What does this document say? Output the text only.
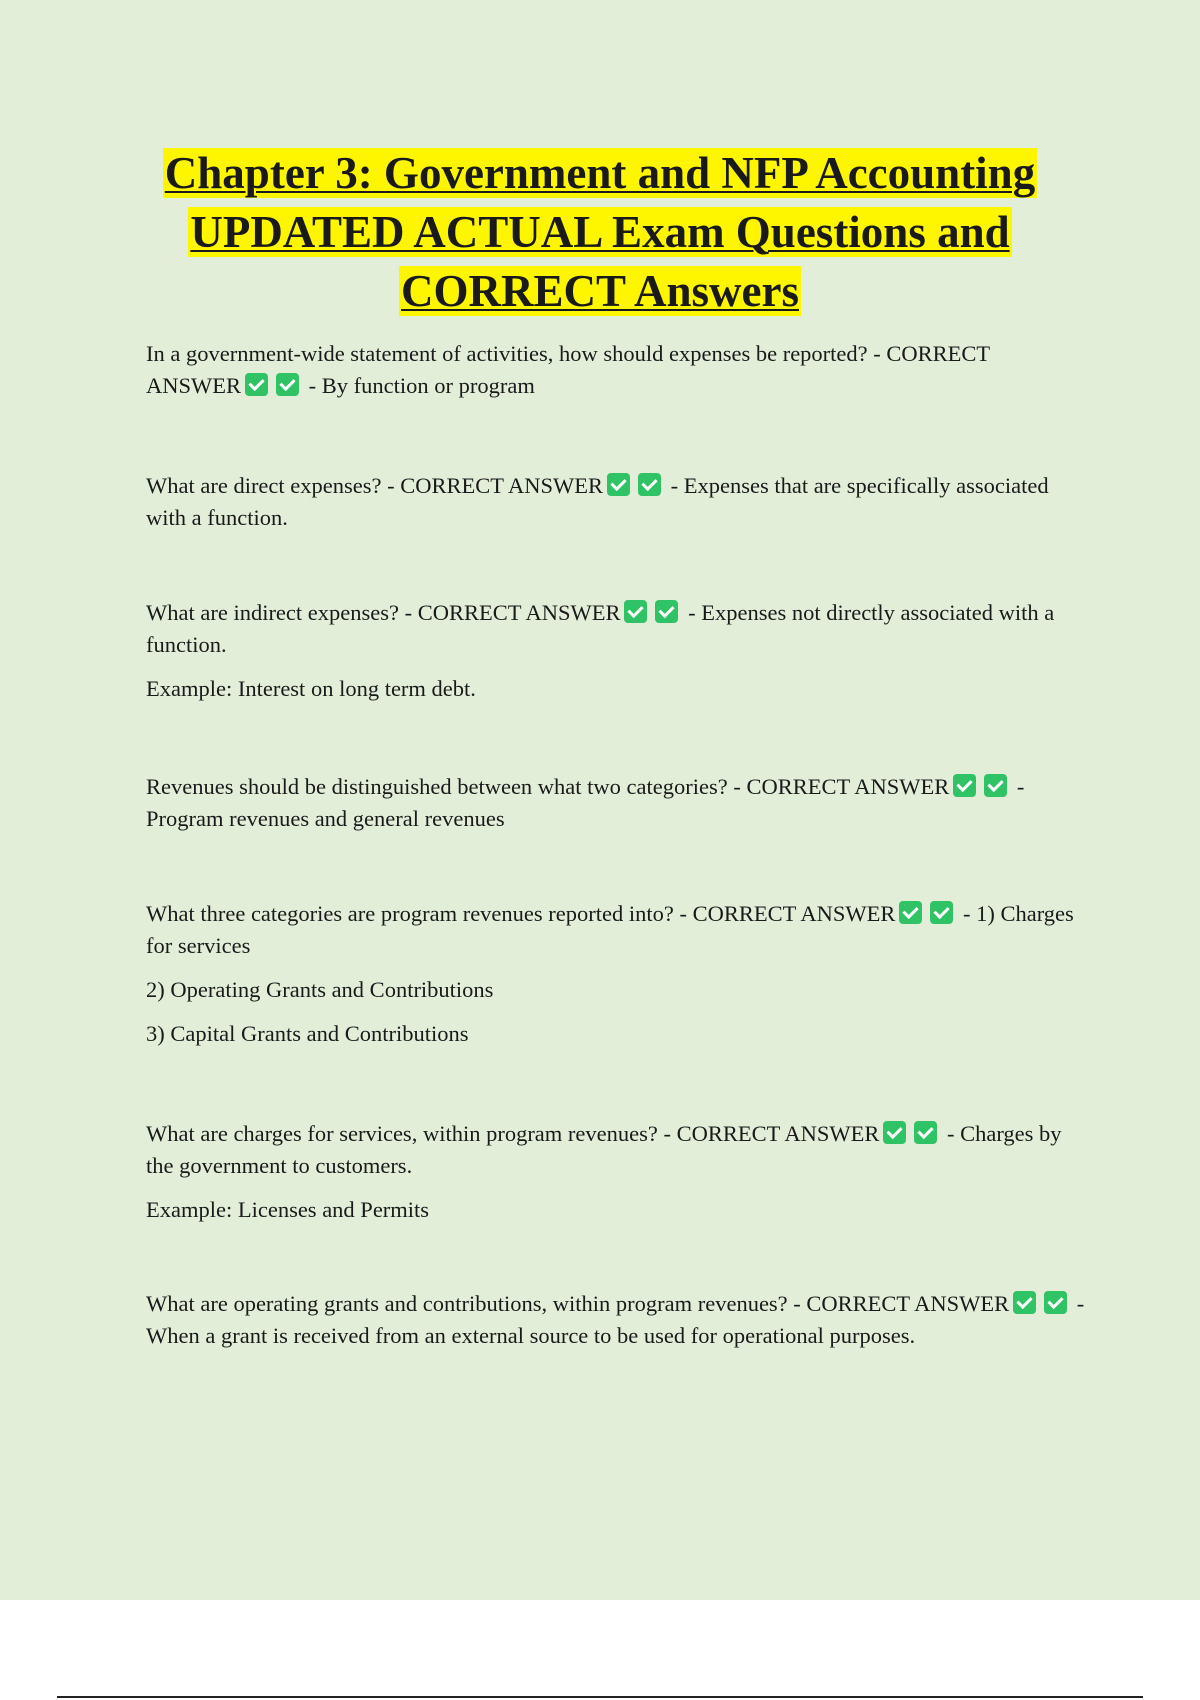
Chapter 3: Government and NFP Accounting
UPDATED ACTUAL Exam Questions and
CORRECT Answers

In a government-wide statement of activities, how should expenses be reported? - CORRECT ANSWER	- By function or program

What are direct expenses? - CORRECT ANSWER	- Expenses that are specifically associated with a function.

What are indirect expenses? - CORRECT ANSWER	- Expenses not directly associated with a function.

Example: Interest on long term debt.

Revenues should be distinguished between what two categories? - CORRECT ANSWER	- Program revenues and general revenues

What three categories are program revenues reported into? - CORRECT ANSWER	- 1) Charges for services

2) Operating Grants and Contributions

3) Capital Grants and Contributions

What are charges for services, within program revenues? - CORRECT ANSWER	- Charges by the government to customers.

Example: Licenses and Permits

What are operating grants and contributions, within program revenues? - CORRECT ANSWER	- When a grant is received from an external source to be used for operational purposes.
